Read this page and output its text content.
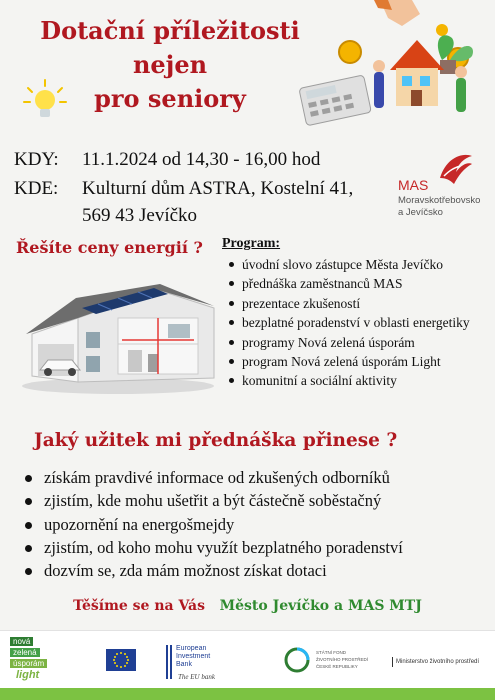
Dotační příležitosti
nejen
pro seniory
KDY: 11.1.2024 od 14,30 - 16,00 hod
KDE: Kulturní dům ASTRA, Kostelní 41,
569 43 Jevíčko
MAS
Moravskotřebovsko
a Jevíčsko
Řešíte ceny energií ? Program:
úvodní slovo zástupce Města Jevíčko
přednáška zaměstnanců MAS
prezentace zkušeností
bezplatné poradenství v oblasti energetiky
programy Nová zelená úsporám
program Nová zelená úsporám Light
komunitní a sociální aktivity
Jaký užitek mi přednáška přinese ?
získám pravdivé informace od zkušených odborníků
zjistím, kde mohu ušetřit a být částečně soběstačný
upozornění na energošmejdy
zjistím, od koho mohu využít bezplatného poradenství
dozvím se, zda mám možnost získat dotaci
Těšíme se na Vás Město Jevíčko a MAS MTJ
nová
zelená
úsporám
light
European
Investment
Bank
The EU bank
STÁTNÍ FOND
ŽIVOTNÍHO PROSTŘEDÍ
ČESKÉ REPUBLIKY
Ministerstvo životního prostředí
